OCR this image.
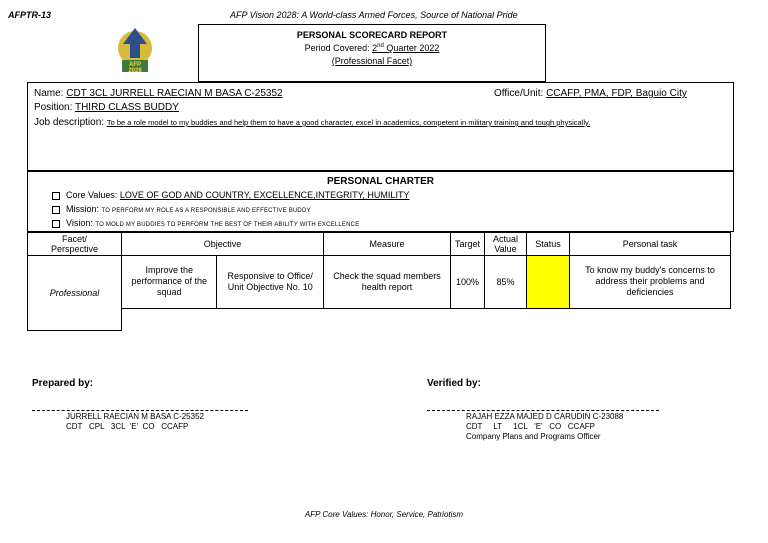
AFPTR-13	AFP Vision 2028: A World-class Armed Forces, Source of National Pride
AFP 2028
PERSONAL SCORECARD REPORT
Period Covered: 2nd Quarter 2022
(Professional Facet)
Name: CDT 3CL JURRELL RAECIAN M BASA C-25352	Office/Unit: CCAFP, PMA, FDP, Baguio City
Position: THIRD CLASS BUDDY
Job description: To be a role model to my buddies and help them to have a good character, excel in academics, competent in military training and tough physically.
PERSONAL CHARTER
Core Values: LOVE OF GOD AND COUNTRY, EXCELLENCE,INTEGRITY, HUMILITY
Mission: TO PERFORM MY ROLE AS A RESPONSIBLE AND EFFECTIVE BUDDY
Vision: TO MOLD MY BUDDIES TO PERFORM THE BEST OF THEIR ABILITY WITH EXCELLENCE
Facet/
Perspective	Objective		Measure	Target	Actual Value	Status	Personal task
Professional	Improve the performance of the squad	Responsive to Office/ Unit Objective No. 10	Check the squad members health report	100%	85%		To know my buddy's concerns to address their problems and deficiencies

Prepared by:
JURRELL RAECIAN M BASA C-25352
CDT   CPL   3CL  'E'  CO   CCAFP
Verified by:
RAJAH EZZA MAJED D CARUDIN C-23088
CDT     LT     1CL   'E'   CO   CCAFP
Company Plans and Programs Officer
AFP Core Values: Honor, Service, Patriotism
